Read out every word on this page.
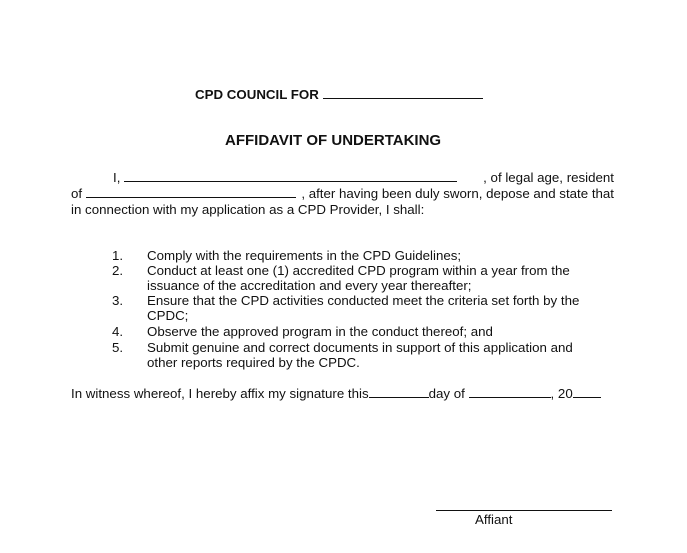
CPD COUNCIL FOR
AFFIDAVIT OF UNDERTAKING
I,	, of legal age, resident
of	, after having been duly sworn, depose and state that
in connection with my application as a CPD Provider, I shall:
1. Comply with the requirements in the CPD Guidelines;
2. Conduct at least one (1) accredited CPD program within a year from the
issuance of the accreditation and every year thereafter;
3. Ensure that the CPD activities conducted meet the criteria set forth by the
CPDC;
4. Observe the approved program in the conduct thereof; and
5. Submit genuine and correct documents in support of this application and
other reports required by the CPDC.
In witness whereof, I hereby affix my signature this	day of	, 20
Affiant
